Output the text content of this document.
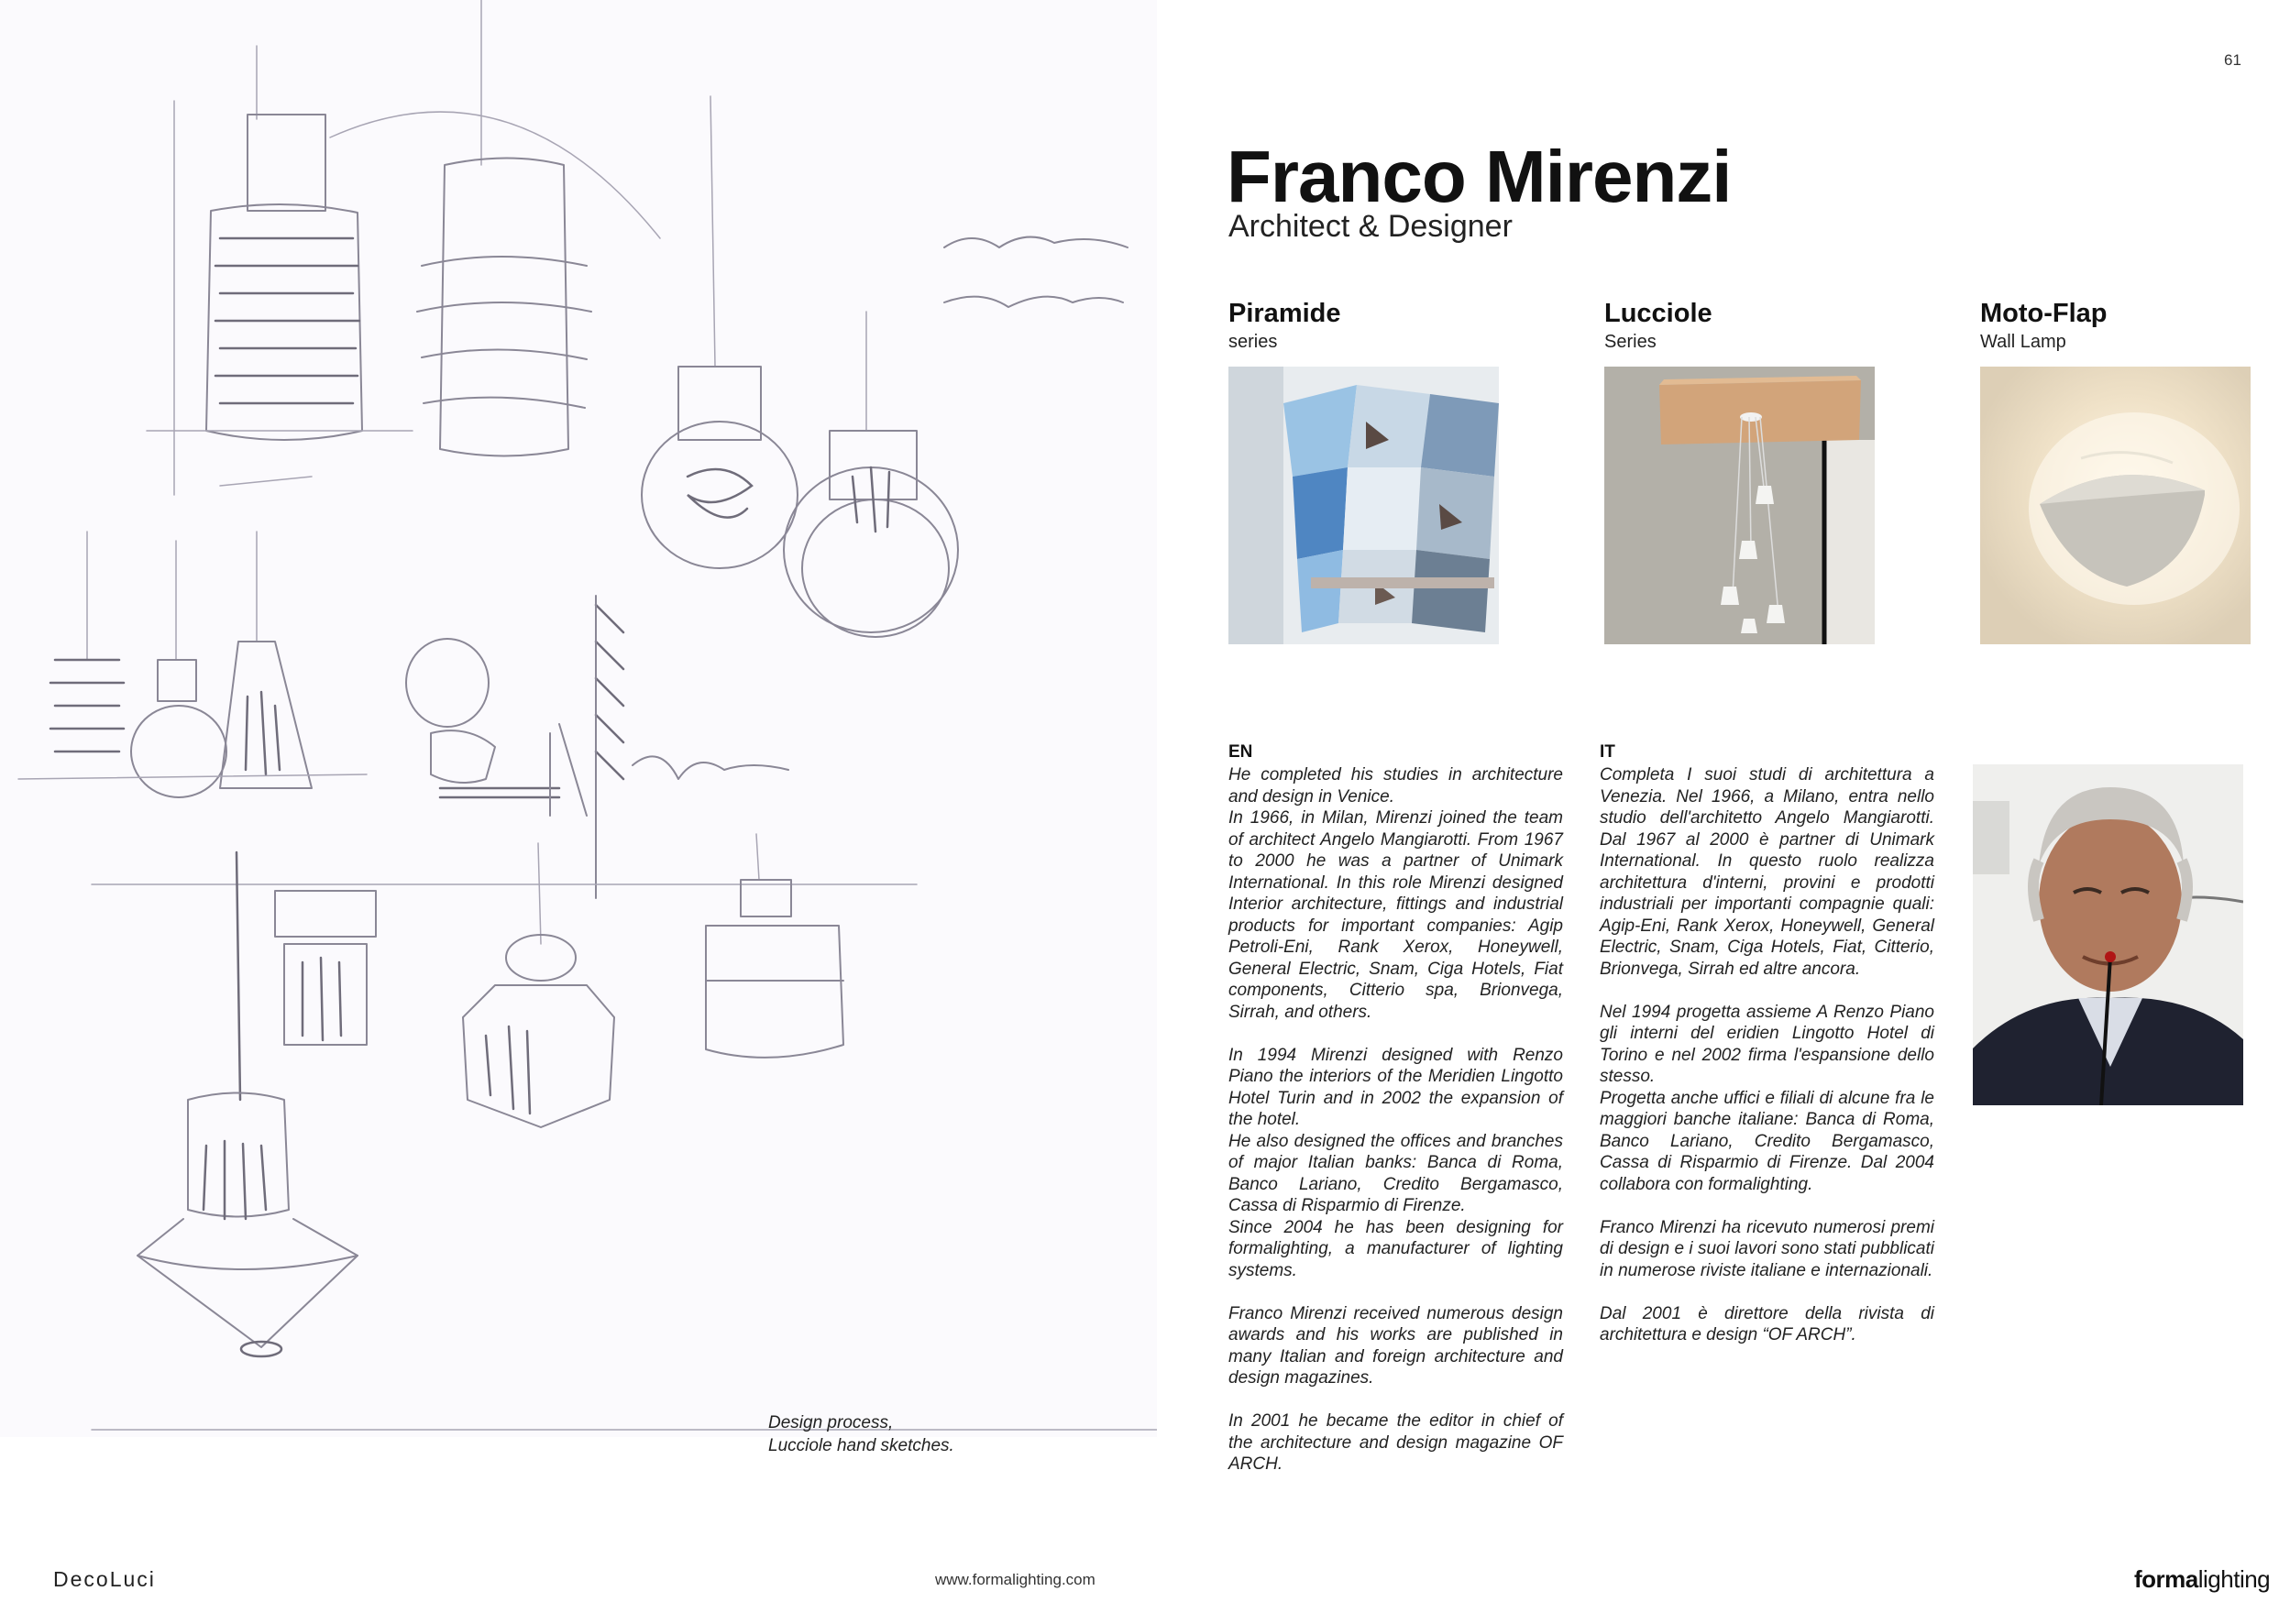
61
Design process,
Lucciole hand sketches.
Franco Mirenzi
Architect & Designer
Piramide
series
Lucciole
Series
Moto-Flap
Wall Lamp
EN

He completed his studies in architecture and design in Venice.

In 1966, in Milan, Mirenzi joined the team of architect Angelo Mangiarotti. From 1967 to 2000 he was a partner of Unimark International. In this role Mirenzi designed Interior architecture, fittings and industrial products for important companies: Agip Petroli-Eni, Rank Xerox, Honeywell, General Electric, Snam, Ciga Hotels, Fiat components, Citterio spa, Brionvega, Sirrah, and others.

In 1994 Mirenzi designed with Renzo Piano the interiors of the Meridien Lingotto Hotel Turin and in 2002 the expansion of the hotel.

He also designed the offices and branches of major Italian banks: Banca di Roma, Banco Lariano, Credito Bergamasco, Cassa di Risparmio di Firenze.

Since 2004 he has been designing for formalighting, a manufacturer of lighting systems.

Franco Mirenzi received numerous design awards and his works are published in many Italian and foreign architecture and design magazines.

In 2001 he became the editor in chief of the architecture and design magazine OF ARCH.

IT

Completa I suoi studi di architettura a Venezia. Nel 1966, a Milano, entra nello studio dell'architetto Angelo Mangiarotti. Dal 1967 al 2000 è partner di Unimark International. In questo ruolo realizza architettura d'interni, provini e prodotti industriali per importanti compagnie quali: Agip-Eni, Rank Xerox, Honeywell, General Electric, Snam, Ciga Hotels, Fiat, Citterio, Brionvega, Sirrah ed altre ancora.

Nel 1994 progetta assieme A Renzo Piano gli interni del eridien Lingotto Hotel di Torino e nel 2002 firma l'espansione dello stesso.

Progetta anche uffici e filiali di alcune fra le maggiori banche italiane: Banca di Roma, Banco Lariano, Credito Bergamasco, Cassa di Risparmio di Firenze. Dal 2004 collabora con formalighting.

Franco Mirenzi ha ricevuto numerosi premi di design e i suoi lavori sono stati pubblicati in numerose riviste italiane e internazionali.

Dal 2001 è direttore della rivista di architettura e design “OF ARCH”.

DecoLuci	www.formalighting.com	formalighting
